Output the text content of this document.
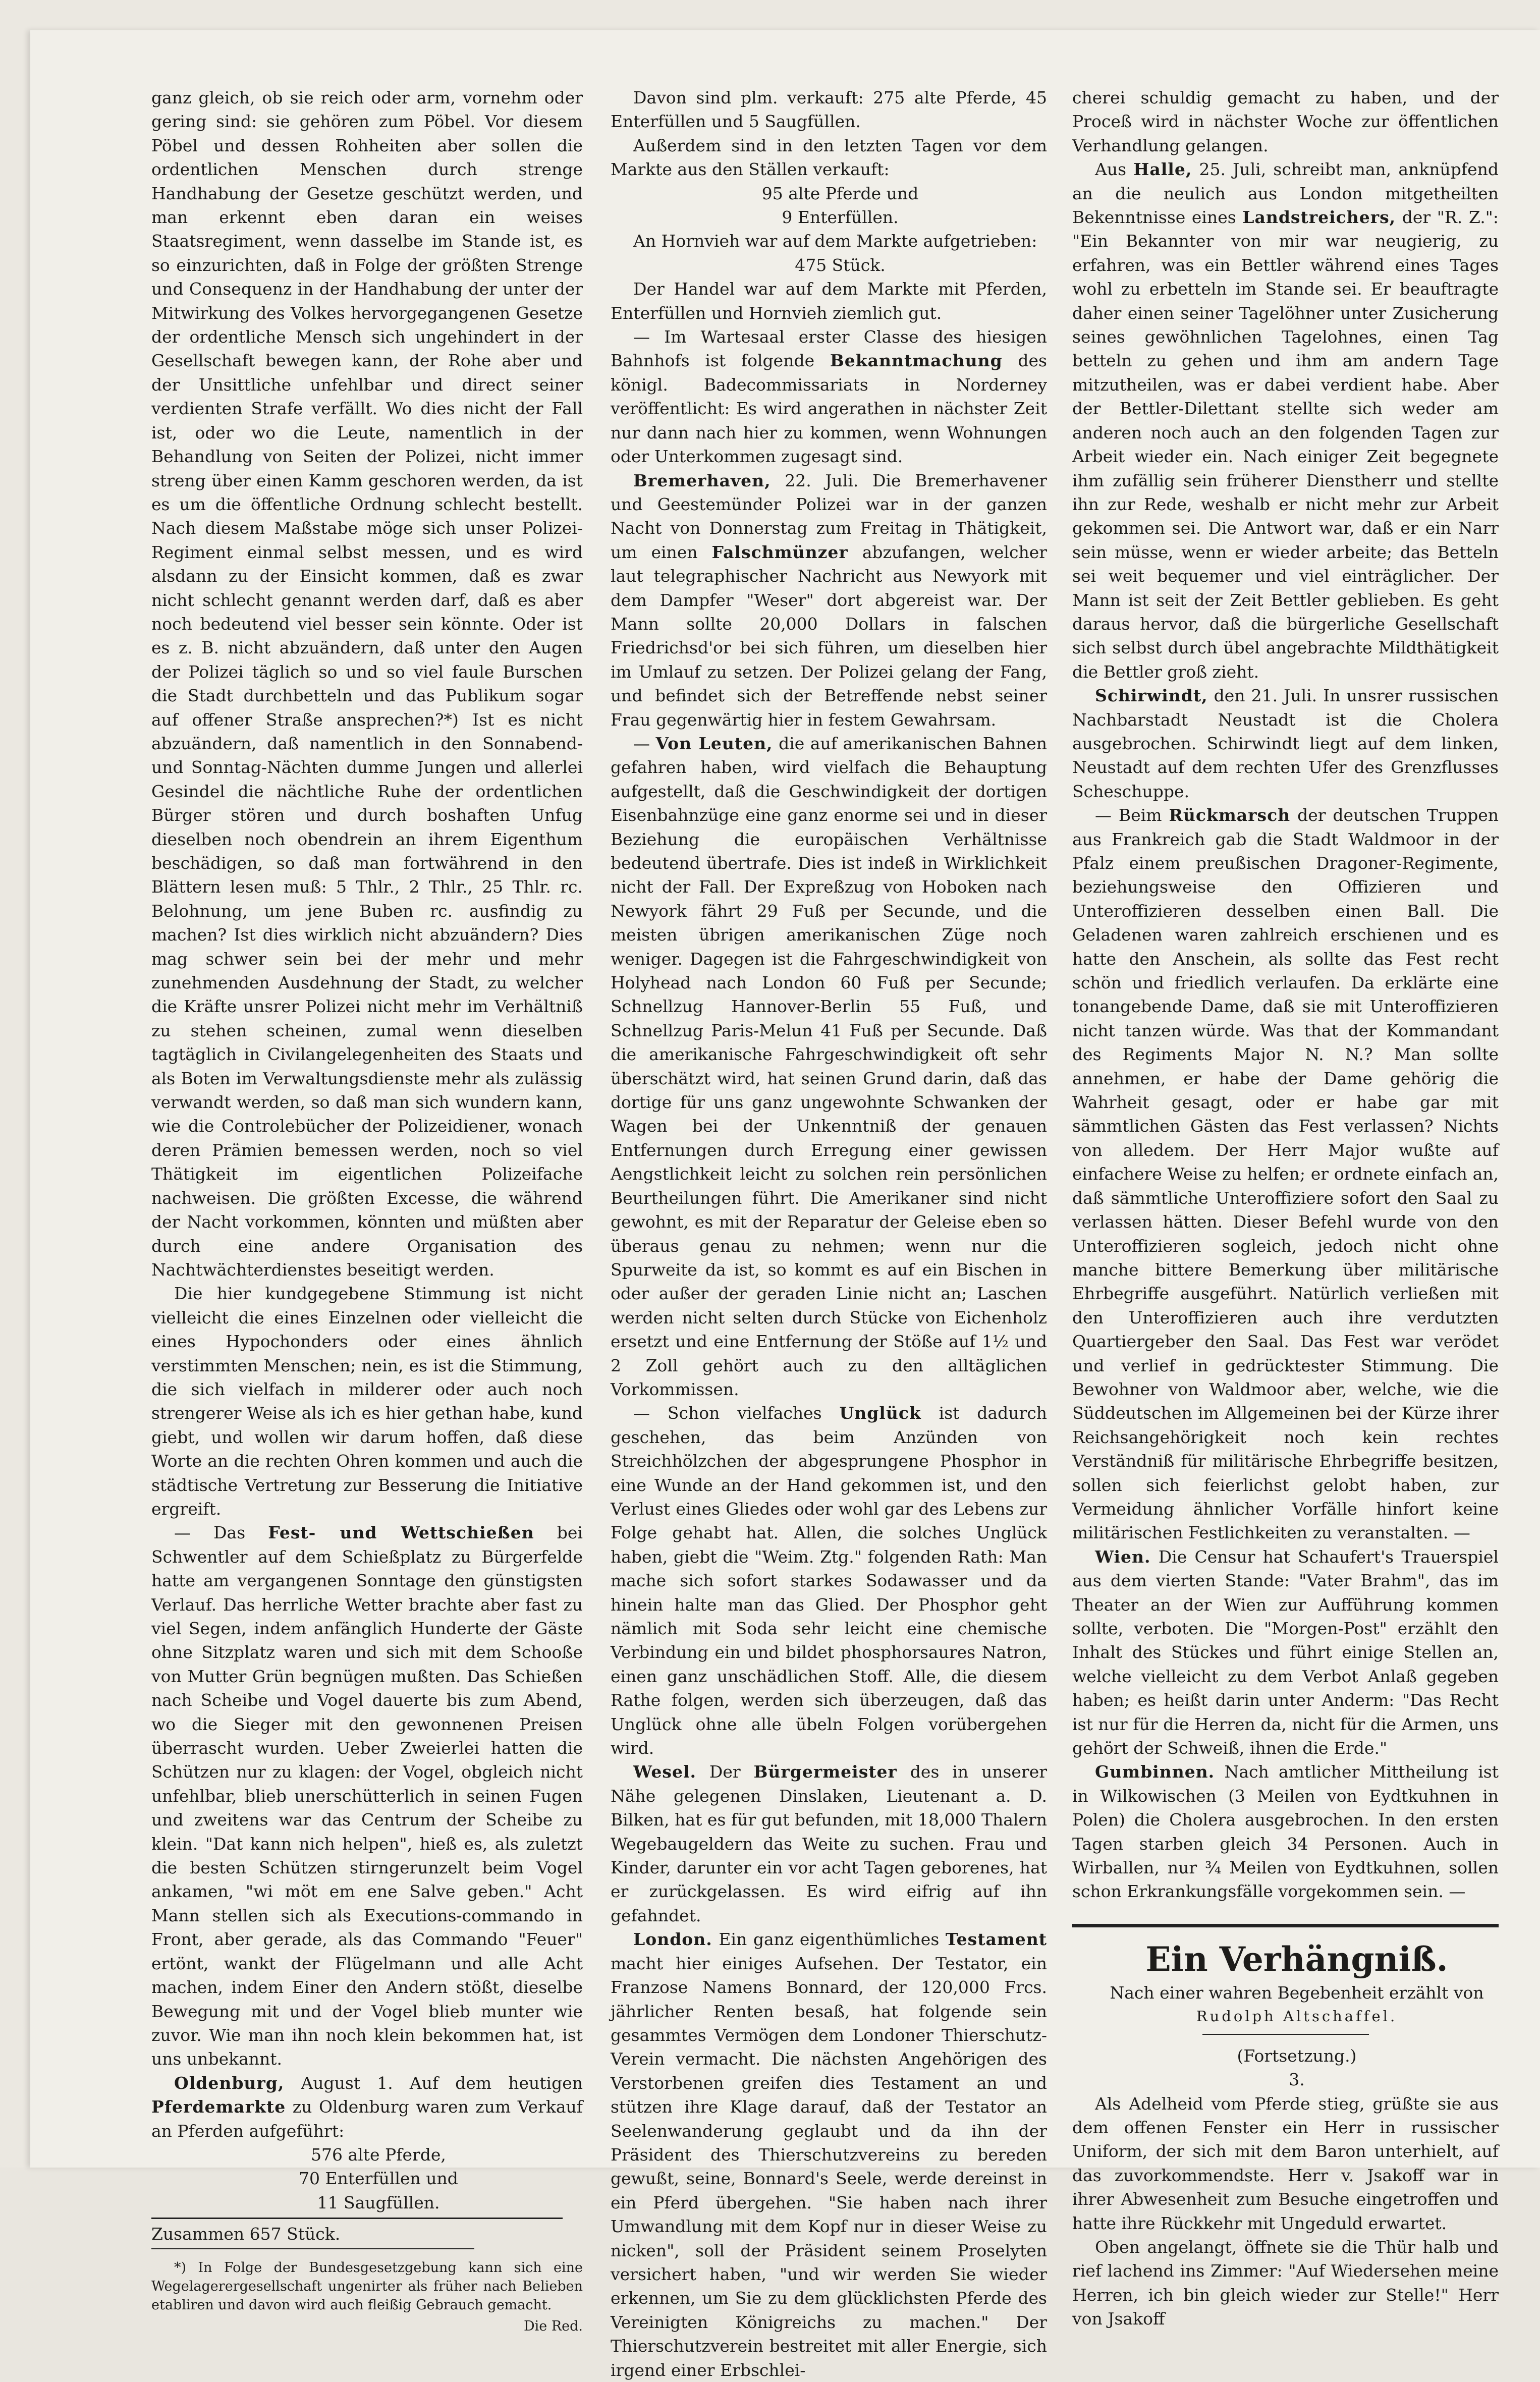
ganz gleich, ob sie reich oder arm, vornehm oder gering sind: sie gehören zum Pöbel. Vor diesem Pöbel und dessen Rohheiten aber sollen die ordentlichen Menschen durch strenge Handhabung der Gesetze geschützt werden, und man erkennt eben daran ein weises Staatsregiment, wenn dasselbe im Stande ist, es so einzurichten, daß in Folge der größten Strenge und Consequenz in der Handhabung der unter der Mitwirkung des Volkes hervorgegangenen Gesetze der ordentliche Mensch sich ungehindert in der Gesellschaft bewegen kann, der Rohe aber und der Unsittliche unfehlbar und direct seiner verdienten Strafe verfällt. Wo dies nicht der Fall ist, oder wo die Leute, namentlich in der Behandlung von Seiten der Polizei, nicht immer streng über einen Kamm geschoren werden, da ist es um die öffentliche Ordnung schlecht bestellt. Nach diesem Maßstabe möge sich unser Polizei-Regiment einmal selbst messen, und es wird alsdann zu der Einsicht kommen, daß es zwar nicht schlecht genannt werden darf, daß es aber noch bedeutend viel besser sein könnte. Oder ist es z. B. nicht abzuändern, daß unter den Augen der Polizei täglich so und so viel faule Burschen die Stadt durchbetteln und das Publikum sogar auf offener Straße ansprechen?*) Ist es nicht abzuändern, daß namentlich in den Sonnabend- und Sonntag-Nächten dumme Jungen und allerlei Gesindel die nächtliche Ruhe der ordentlichen Bürger stören und durch boshaften Unfug dieselben noch obendrein an ihrem Eigenthum beschädigen, so daß man fortwährend in den Blättern lesen muß: 5 Thlr., 2 Thlr., 25 Thlr. rc. Belohnung, um jene Buben rc. ausfindig zu machen? Ist dies wirklich nicht abzuändern? Dies mag schwer sein bei der mehr und mehr zunehmenden Ausdehnung der Stadt, zu welcher die Kräfte unsrer Polizei nicht mehr im Verhältniß zu stehen scheinen, zumal wenn dieselben tagtäglich in Civilangelegenheiten des Staats und als Boten im Verwaltungsdienste mehr als zulässig verwandt werden, so daß man sich wundern kann, wie die Controlebücher der Polizeidiener, wonach deren Prämien bemessen werden, noch so viel Thätigkeit im eigentlichen Polizeifache nachweisen. Die größten Excesse, die während der Nacht vorkommen, könnten und müßten aber durch eine andere Organisation des Nachtwächterdienstes beseitigt werden.

Die hier kundgegebene Stimmung ist nicht vielleicht die eines Einzelnen oder vielleicht die eines Hypochonders oder eines ähnlich verstimmten Menschen; nein, es ist die Stimmung, die sich vielfach in milderer oder auch noch strengerer Weise als ich es hier gethan habe, kund giebt, und wollen wir darum hoffen, daß diese Worte an die rechten Ohren kommen und auch die städtische Vertretung zur Besserung die Initiative ergreift.

— Das Fest- und Wettschießen bei Schwentler auf dem Schießplatz zu Bürgerfelde hatte am vergangenen Sonntage den günstigsten Verlauf. Das herrliche Wetter brachte aber fast zu viel Segen, indem anfänglich Hunderte der Gäste ohne Sitzplatz waren und sich mit dem Schooße von Mutter Grün begnügen mußten. Das Schießen nach Scheibe und Vogel dauerte bis zum Abend, wo die Sieger mit den gewonnenen Preisen überrascht wurden. Ueber Zweierlei hatten die Schützen nur zu klagen: der Vogel, obgleich nicht unfehlbar, blieb unerschütterlich in seinen Fugen und zweitens war das Centrum der Scheibe zu klein. "Dat kann nich helpen", hieß es, als zuletzt die besten Schützen stirngerunzelt beim Vogel ankamen, "wi möt em ene Salve geben." Acht Mann stellen sich als Executions-commando in Front, aber gerade, als das Commando "Feuer" ertönt, wankt der Flügelmann und alle Acht machen, indem Einer den Andern stößt, dieselbe Bewegung mit und der Vogel blieb munter wie zuvor. Wie man ihn noch klein bekommen hat, ist uns unbekannt.

Oldenburg, August 1. Auf dem heutigen Pferdemarkte zu Oldenburg waren zum Verkauf an Pferden aufgeführt:

576 alte Pferde,

70 Enterfüllen und

11 Saugfüllen.

Zusammen 657 Stück.

*) In Folge der Bundesgesetzgebung kann sich eine Wegelagerergesellschaft ungenirter als früher nach Belieben etabliren und davon wird auch fleißig Gebrauch gemacht.

Die Red.

Davon sind plm. verkauft: 275 alte Pferde, 45 Enterfüllen und 5 Saugfüllen.

Außerdem sind in den letzten Tagen vor dem Markte aus den Ställen verkauft:

95 alte Pferde und

9 Enterfüllen.

An Hornvieh war auf dem Markte aufgetrieben:

475 Stück.

Der Handel war auf dem Markte mit Pferden, Enterfüllen und Hornvieh ziemlich gut.

— Im Wartesaal erster Classe des hiesigen Bahnhofs ist folgende Bekanntmachung des königl. Badecommissariats in Norderney veröffentlicht: Es wird angerathen in nächster Zeit nur dann nach hier zu kommen, wenn Wohnungen oder Unterkommen zugesagt sind.

Bremerhaven, 22. Juli. Die Bremerhavener und Geestemünder Polizei war in der ganzen Nacht von Donnerstag zum Freitag in Thätigkeit, um einen Falschmünzer abzufangen, welcher laut telegraphischer Nachricht aus Newyork mit dem Dampfer "Weser" dort abgereist war. Der Mann sollte 20,000 Dollars in falschen Friedrichsd'or bei sich führen, um dieselben hier im Umlauf zu setzen. Der Polizei gelang der Fang, und befindet sich der Betreffende nebst seiner Frau gegenwärtig hier in festem Gewahrsam.

— Von Leuten, die auf amerikanischen Bahnen gefahren haben, wird vielfach die Behauptung aufgestellt, daß die Geschwindigkeit der dortigen Eisenbahnzüge eine ganz enorme sei und in dieser Beziehung die europäischen Verhältnisse bedeutend übertrafe. Dies ist indeß in Wirklichkeit nicht der Fall. Der Expreßzug von Hoboken nach Newyork fährt 29 Fuß per Secunde, und die meisten übrigen amerikanischen Züge noch weniger. Dagegen ist die Fahrgeschwindigkeit von Holyhead nach London 60 Fuß per Secunde; Schnellzug Hannover-Berlin 55 Fuß, und Schnellzug Paris-Melun 41 Fuß per Secunde. Daß die amerikanische Fahrgeschwindigkeit oft sehr überschätzt wird, hat seinen Grund darin, daß das dortige für uns ganz ungewohnte Schwanken der Wagen bei der Unkenntniß der genauen Entfernungen durch Erregung einer gewissen Aengstlichkeit leicht zu solchen rein persönlichen Beurtheilungen führt. Die Amerikaner sind nicht gewohnt, es mit der Reparatur der Geleise eben so überaus genau zu nehmen; wenn nur die Spurweite da ist, so kommt es auf ein Bischen in oder außer der geraden Linie nicht an; Laschen werden nicht selten durch Stücke von Eichenholz ersetzt und eine Entfernung der Stöße auf 1½ und 2 Zoll gehört auch zu den alltäglichen Vorkommissen.

— Schon vielfaches Unglück ist dadurch geschehen, das beim Anzünden von Streichhölzchen der abgesprungene Phosphor in eine Wunde an der Hand gekommen ist, und den Verlust eines Gliedes oder wohl gar des Lebens zur Folge gehabt hat. Allen, die solches Unglück haben, giebt die "Weim. Ztg." folgenden Rath: Man mache sich sofort starkes Sodawasser und da hinein halte man das Glied. Der Phosphor geht nämlich mit Soda sehr leicht eine chemische Verbindung ein und bildet phosphorsaures Natron, einen ganz unschädlichen Stoff. Alle, die diesem Rathe folgen, werden sich überzeugen, daß das Unglück ohne alle übeln Folgen vorübergehen wird.

Wesel. Der Bürgermeister des in unserer Nähe gelegenen Dinslaken, Lieutenant a. D. Bilken, hat es für gut befunden, mit 18,000 Thalern Wegebaugeldern das Weite zu suchen. Frau und Kinder, darunter ein vor acht Tagen geborenes, hat er zurückgelassen. Es wird eifrig auf ihn gefahndet.

London. Ein ganz eigenthümliches Testament macht hier einiges Aufsehen. Der Testator, ein Franzose Namens Bonnard, der 120,000 Frcs. jährlicher Renten besaß, hat folgende sein gesammtes Vermögen dem Londoner Thierschutz-Verein vermacht. Die nächsten Angehörigen des Verstorbenen greifen dies Testament an und stützen ihre Klage darauf, daß der Testator an Seelenwanderung geglaubt und da ihn der Präsident des Thierschutzvereins zu bereden gewußt, seine, Bonnard's Seele, werde dereinst in ein Pferd übergehen. "Sie haben nach ihrer Umwandlung mit dem Kopf nur in dieser Weise zu nicken", soll der Präsident seinem Proselyten versichert haben, "und wir werden Sie wieder erkennen, um Sie zu dem glücklichsten Pferde des Vereinigten Königreichs zu machen." Der Thierschutzverein bestreitet mit aller Energie, sich irgend einer Erbschlei-

cherei schuldig gemacht zu haben, und der Proceß wird in nächster Woche zur öffentlichen Verhandlung gelangen.

Aus Halle, 25. Juli, schreibt man, anknüpfend an die neulich aus London mitgetheilten Bekenntnisse eines Landstreichers, der "R. Z.": "Ein Bekannter von mir war neugierig, zu erfahren, was ein Bettler während eines Tages wohl zu erbetteln im Stande sei. Er beauftragte daher einen seiner Tagelöhner unter Zusicherung seines gewöhnlichen Tagelohnes, einen Tag betteln zu gehen und ihm am andern Tage mitzutheilen, was er dabei verdient habe. Aber der Bettler-Dilettant stellte sich weder am anderen noch auch an den folgenden Tagen zur Arbeit wieder ein. Nach einiger Zeit begegnete ihm zufällig sein früherer Dienstherr und stellte ihn zur Rede, weshalb er nicht mehr zur Arbeit gekommen sei. Die Antwort war, daß er ein Narr sein müsse, wenn er wieder arbeite; das Betteln sei weit bequemer und viel einträglicher. Der Mann ist seit der Zeit Bettler geblieben. Es geht daraus hervor, daß die bürgerliche Gesellschaft sich selbst durch übel angebrachte Mildthätigkeit die Bettler groß zieht.

Schirwindt, den 21. Juli. In unsrer russischen Nachbarstadt Neustadt ist die Cholera ausgebrochen. Schirwindt liegt auf dem linken, Neustadt auf dem rechten Ufer des Grenzflusses Scheschuppe.

— Beim Rückmarsch der deutschen Truppen aus Frankreich gab die Stadt Waldmoor in der Pfalz einem preußischen Dragoner-Regimente, beziehungsweise den Offizieren und Unteroffizieren desselben einen Ball. Die Geladenen waren zahlreich erschienen und es hatte den Anschein, als sollte das Fest recht schön und friedlich verlaufen. Da erklärte eine tonangebende Dame, daß sie mit Unteroffizieren nicht tanzen würde. Was that der Kommandant des Regiments Major N. N.? Man sollte annehmen, er habe der Dame gehörig die Wahrheit gesagt, oder er habe gar mit sämmtlichen Gästen das Fest verlassen? Nichts von alledem. Der Herr Major wußte auf einfachere Weise zu helfen; er ordnete einfach an, daß sämmtliche Unteroffiziere sofort den Saal zu verlassen hätten. Dieser Befehl wurde von den Unteroffizieren sogleich, jedoch nicht ohne manche bittere Bemerkung über militärische Ehrbegriffe ausgeführt. Natürlich verließen mit den Unteroffizieren auch ihre verdutzten Quartiergeber den Saal. Das Fest war verödet und verlief in gedrücktester Stimmung. Die Bewohner von Waldmoor aber, welche, wie die Süddeutschen im Allgemeinen bei der Kürze ihrer Reichsangehörigkeit noch kein rechtes Verständniß für militärische Ehrbegriffe besitzen, sollen sich feierlichst gelobt haben, zur Vermeidung ähnlicher Vorfälle hinfort keine militärischen Festlichkeiten zu veranstalten. —

Wien. Die Censur hat Schaufert's Trauerspiel aus dem vierten Stande: "Vater Brahm", das im Theater an der Wien zur Aufführung kommen sollte, verboten. Die "Morgen-Post" erzählt den Inhalt des Stückes und führt einige Stellen an, welche vielleicht zu dem Verbot Anlaß gegeben haben; es heißt darin unter Anderm: "Das Recht ist nur für die Herren da, nicht für die Armen, uns gehört der Schweiß, ihnen die Erde."

Gumbinnen. Nach amtlicher Mittheilung ist in Wilkowischen (3 Meilen von Eydtkuhnen in Polen) die Cholera ausgebrochen. In den ersten Tagen starben gleich 34 Personen. Auch in Wirballen, nur ¾ Meilen von Eydtkuhnen, sollen schon Erkrankungsfälle vorgekommen sein. —

Ein Verhängniß.

Nach einer wahren Begebenheit erzählt von

Rudolph Altschaffel.

(Fortsetzung.)

3.

Als Adelheid vom Pferde stieg, grüßte sie aus dem offenen Fenster ein Herr in russischer Uniform, der sich mit dem Baron unterhielt, auf das zuvorkommendste. Herr v. Jsakoff war in ihrer Abwesenheit zum Besuche eingetroffen und hatte ihre Rückkehr mit Ungeduld erwartet.

Oben angelangt, öffnete sie die Thür halb und rief lachend ins Zimmer: "Auf Wiedersehen meine Herren, ich bin gleich wieder zur Stelle!" Herr von Jsakoff
